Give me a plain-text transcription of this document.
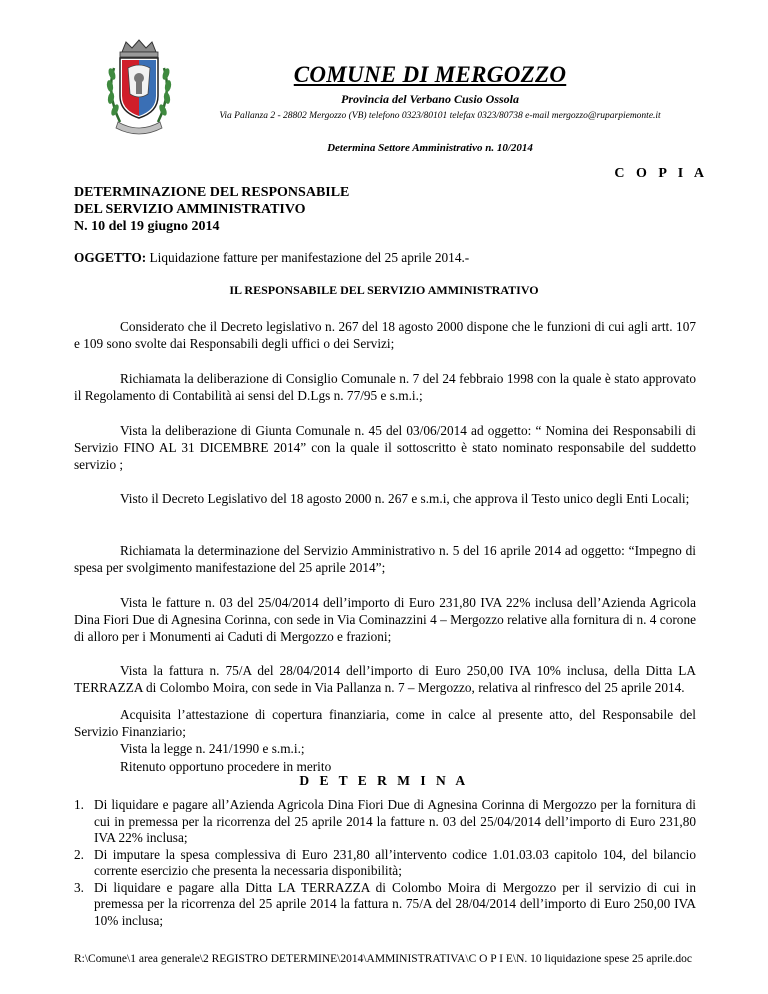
COMUNE DI MERGOZZO
Provincia del Verbano Cusio Ossola
Via Pallanza 2 - 28802 Mergozzo (VB) telefono 0323/80101 telefax 0323/80738 e-mail mergozzo@ruparpiemonte.it
Determina Settore Amministrativo n. 10/2014
C O P I A
DETERMINAZIONE DEL RESPONSABILE
DEL SERVIZIO AMMINISTRATIVO
N. 10 del 19 giugno 2014
OGGETTO: Liquidazione fatture per manifestazione del 25 aprile 2014.-
IL RESPONSABILE DEL SERVIZIO AMMINISTRATIVO
Considerato che il Decreto legislativo n. 267 del 18 agosto 2000 dispone che le funzioni di cui agli artt. 107 e 109 sono svolte dai Responsabili degli uffici o dei Servizi;
Richiamata la deliberazione di Consiglio Comunale n. 7 del 24 febbraio 1998 con la quale è stato approvato il Regolamento di Contabilità ai sensi del D.Lgs n. 77/95 e s.m.i.;
Vista la deliberazione di Giunta Comunale n. 45 del 03/06/2014 ad oggetto: “ Nomina dei Responsabili di Servizio FINO AL 31 DICEMBRE 2014” con la quale il sottoscritto è stato nominato responsabile del suddetto servizio ;
Visto il Decreto Legislativo del 18 agosto 2000 n. 267 e s.m.i, che approva il Testo unico degli Enti Locali;
Richiamata la determinazione del Servizio Amministrativo n. 5 del 16 aprile 2014 ad oggetto: “Impegno di spesa per svolgimento manifestazione del 25 aprile 2014”;
Vista le fatture n. 03 del 25/04/2014 dell’importo di Euro 231,80 IVA 22% inclusa dell’Azienda Agricola Dina Fiori Due di Agnesina Corinna, con sede in Via Cominazzini 4 – Mergozzo relative alla fornitura di n. 4 corone di alloro per i Monumenti ai Caduti di Mergozzo e frazioni;
Vista la fattura n. 75/A del 28/04/2014 dell’importo di Euro 250,00 IVA 10% inclusa, della Ditta LA TERRAZZA di Colombo Moira, con sede in Via Pallanza n. 7 – Mergozzo, relativa al rinfresco del 25 aprile 2014.
Acquisita l’attestazione di copertura finanziaria, come in calce al presente atto, del Responsabile del Servizio Finanziario;
Vista la legge n. 241/1990 e s.m.i.;
Ritenuto opportuno procedere in merito
D E T E R M I N A
1. Di liquidare e pagare all’Azienda Agricola Dina Fiori Due di Agnesina Corinna di Mergozzo per la fornitura di cui in premessa per la ricorrenza del 25 aprile 2014 la fatture n. 03 del 25/04/2014 dell’importo di Euro 231,80 IVA 22% inclusa;
2. Di imputare la spesa complessiva di Euro 231,80 all’intervento codice 1.01.03.03 capitolo 104, del bilancio corrente esercizio che presenta la necessaria disponibilità;
3. Di liquidare e pagare alla Ditta LA TERRAZZA di Colombo Moira di Mergozzo per il servizio di cui in premessa per la ricorrenza del 25 aprile 2014 la fattura n. 75/A del 28/04/2014 dell’importo di Euro 250,00 IVA 10% inclusa;
R:\Comune\1 area generale\2 REGISTRO DETERMINE\2014\AMMINISTRATIVA\C O P I E\N. 10 liquidazione spese 25 aprile.doc
